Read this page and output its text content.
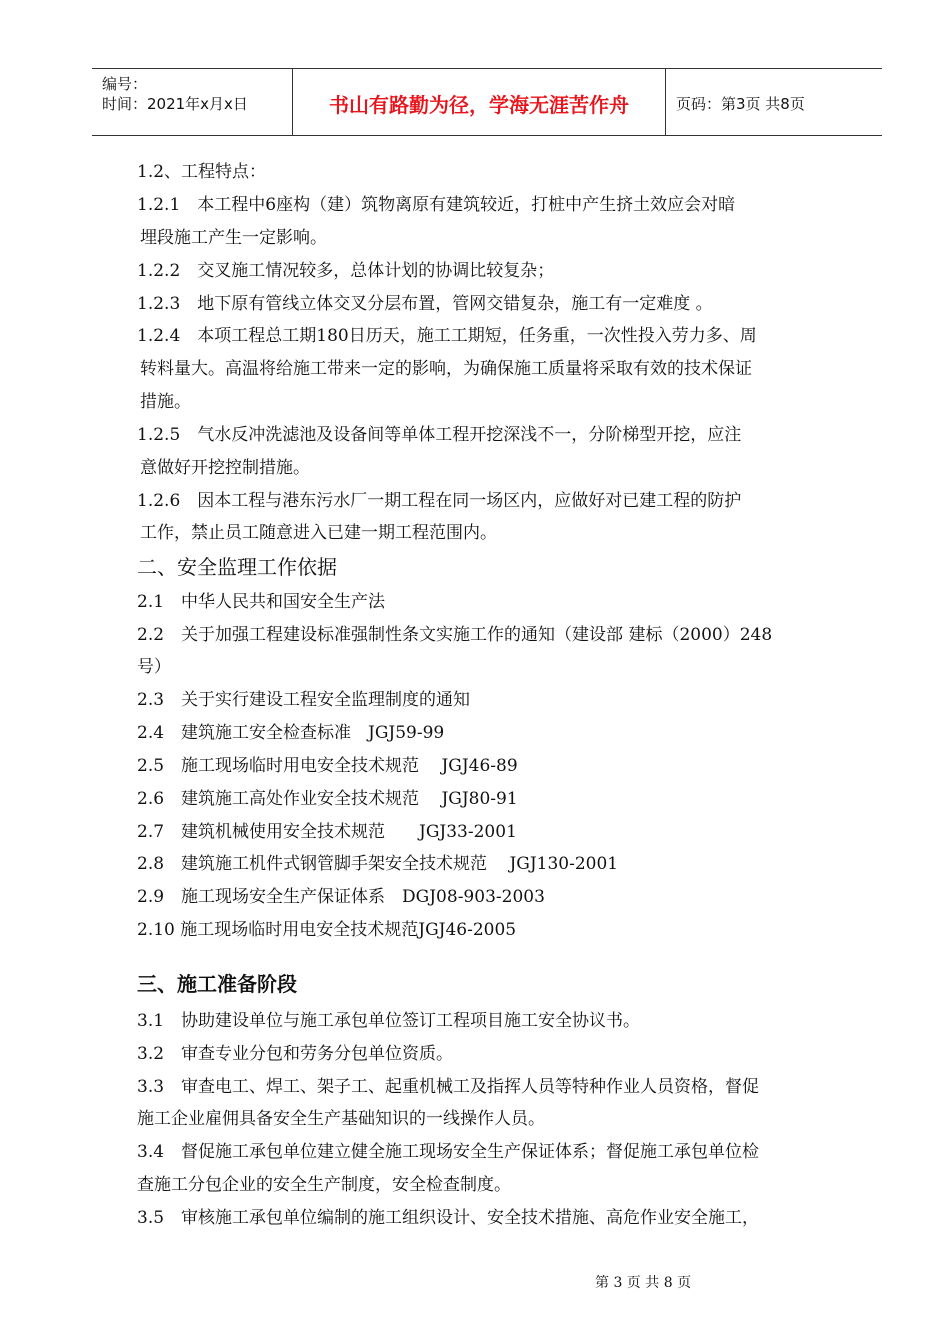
编号：
时间：2021年x月x日	书山有路勤为径，学海无涯苦作舟	页码：第3页 共8页
1.2、工程特点：
1.2.1　本工程中6座构（建）筑物离原有建筑较近，打桩中产生挤土效应会对暗
埋段施工产生一定影响。
1.2.2　交叉施工情况较多，总体计划的协调比较复杂；
1.2.3　地下原有管线立体交叉分层布置，管网交错复杂，施工有一定难度 。
1.2.4　本项工程总工期180日历天，施工工期短，任务重，一次性投入劳力多、周
转料量大。高温将给施工带来一定的影响，为确保施工质量将采取有效的技术保证
措施。
1.2.5　气水反冲洗滤池及设备间等单体工程开挖深浅不一，分阶梯型开挖，应注
意做好开挖控制措施。
1.2.6　因本工程与港东污水厂一期工程在同一场区内，应做好对已建工程的防护
工作，禁止员工随意进入已建一期工程范围内。
二、安全监理工作依据
2.1　中华人民共和国安全生产法
2.2　关于加强工程建设标准强制性条文实施工作的通知（建设部 建标（2000）248
号）
2.3　关于实行建设工程安全监理制度的通知
2.4　建筑施工安全检查标准　JGJ59-99
2.5　施工现场临时用电安全技术规范　 JGJ46-89
2.6　建筑施工高处作业安全技术规范　 JGJ80-91
2.7　建筑机械使用安全技术规范　　JGJ33-2001
2.8　建筑施工机件式钢管脚手架安全技术规范　 JGJ130-2001
2.9　施工现场安全生产保证体系　DGJ08-903-2003
2.10 施工现场临时用电安全技术规范JGJ46-2005
三、施工准备阶段
3.1　协助建设单位与施工承包单位签订工程项目施工安全协议书。
3.2　审查专业分包和劳务分包单位资质。
3.3　审查电工、焊工、架子工、起重机械工及指挥人员等特种作业人员资格，督促
施工企业雇佣具备安全生产基础知识的一线操作人员。
3.4　督促施工承包单位建立健全施工现场安全生产保证体系；督促施工承包单位检
查施工分包企业的安全生产制度，安全检查制度。
3.5　审核施工承包单位编制的施工组织设计、安全技术措施、高危作业安全施工，
第 3 页 共 8 页
